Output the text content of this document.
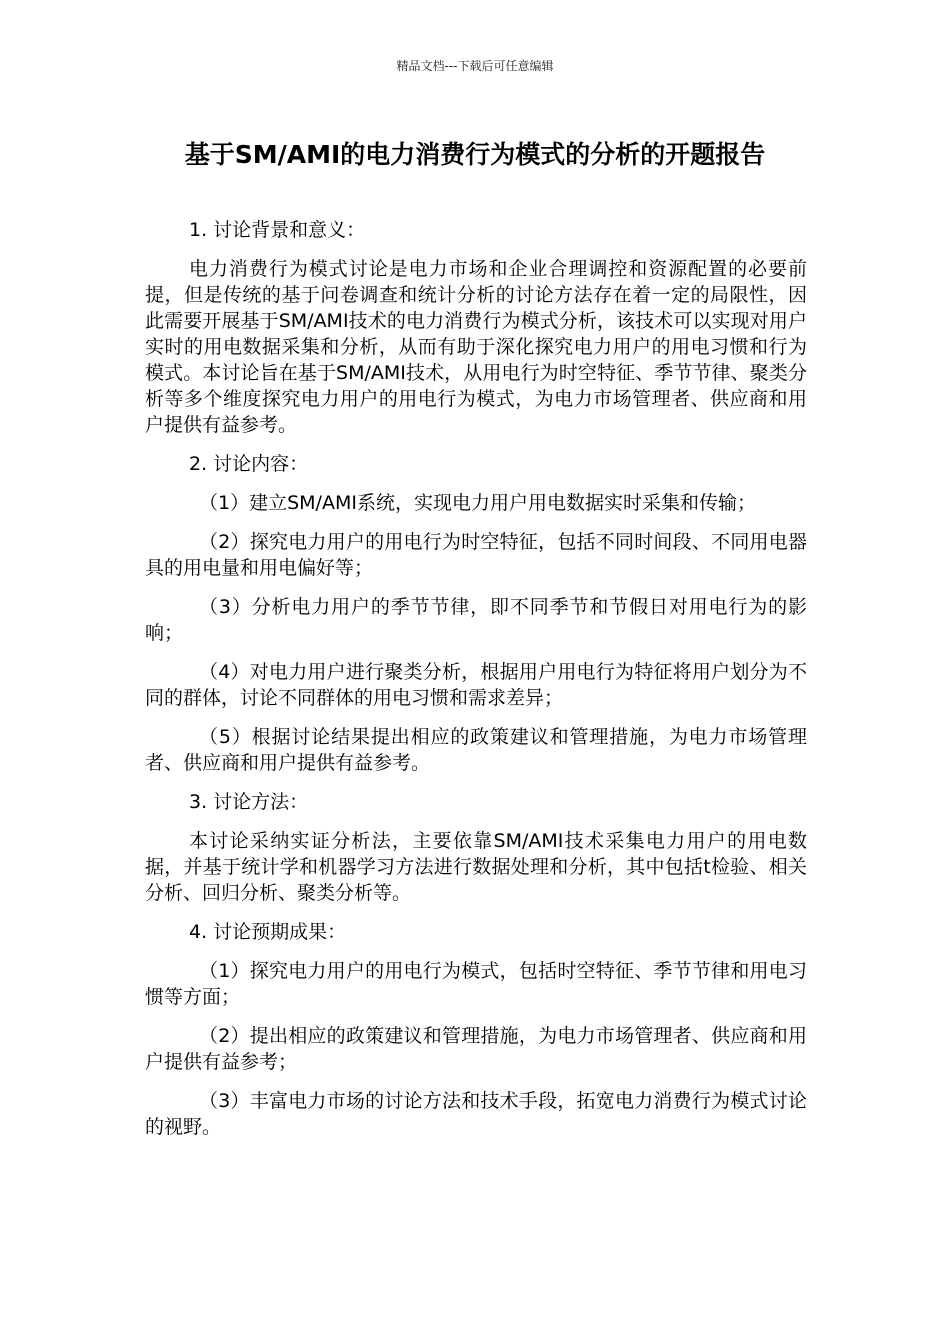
精品文档---下载后可任意编辑
基于SM/AMI的电力消费行为模式的分析的开题报告

1. 讨论背景和意义：

电力消费行为模式讨论是电力市场和企业合理调控和资源配置的必要前提，但是传统的基于问卷调查和统计分析的讨论方法存在着一定的局限性，因此需要开展基于SM/AMI技术的电力消费行为模式分析，该技术可以实现对用户实时的用电数据采集和分析，从而有助于深化探究电力用户的用电习惯和行为模式。本讨论旨在基于SM/AMI技术，从用电行为时空特征、季节节律、聚类分析等多个维度探究电力用户的用电行为模式，为电力市场管理者、供应商和用户提供有益参考。

2. 讨论内容：

（1）建立SM/AMI系统，实现电力用户用电数据实时采集和传输；

（2）探究电力用户的用电行为时空特征，包括不同时间段、不同用电器具的用电量和用电偏好等；

（3）分析电力用户的季节节律，即不同季节和节假日对用电行为的影响；

（4）对电力用户进行聚类分析，根据用户用电行为特征将用户划分为不同的群体，讨论不同群体的用电习惯和需求差异；

（5）根据讨论结果提出相应的政策建议和管理措施，为电力市场管理者、供应商和用户提供有益参考。

3. 讨论方法：

本讨论采纳实证分析法，主要依靠SM/AMI技术采集电力用户的用电数据，并基于统计学和机器学习方法进行数据处理和分析，其中包括t检验、相关分析、回归分析、聚类分析等。

4. 讨论预期成果：

（1）探究电力用户的用电行为模式，包括时空特征、季节节律和用电习惯等方面；

（2）提出相应的政策建议和管理措施，为电力市场管理者、供应商和用户提供有益参考；

（3）丰富电力市场的讨论方法和技术手段，拓宽电力消费行为模式讨论的视野。
